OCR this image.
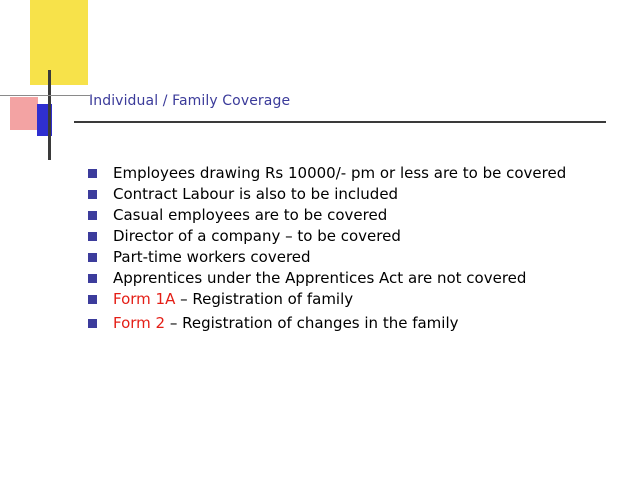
Individual / Family Coverage
Employees drawing Rs 10000/- pm or less are to be covered
Contract Labour is also to be included
Casual employees are to be covered
Director of a company – to be covered
Part-time workers covered
Apprentices under the Apprentices Act are not covered
Form 1A – Registration of family
Form 2 – Registration of changes in the family
